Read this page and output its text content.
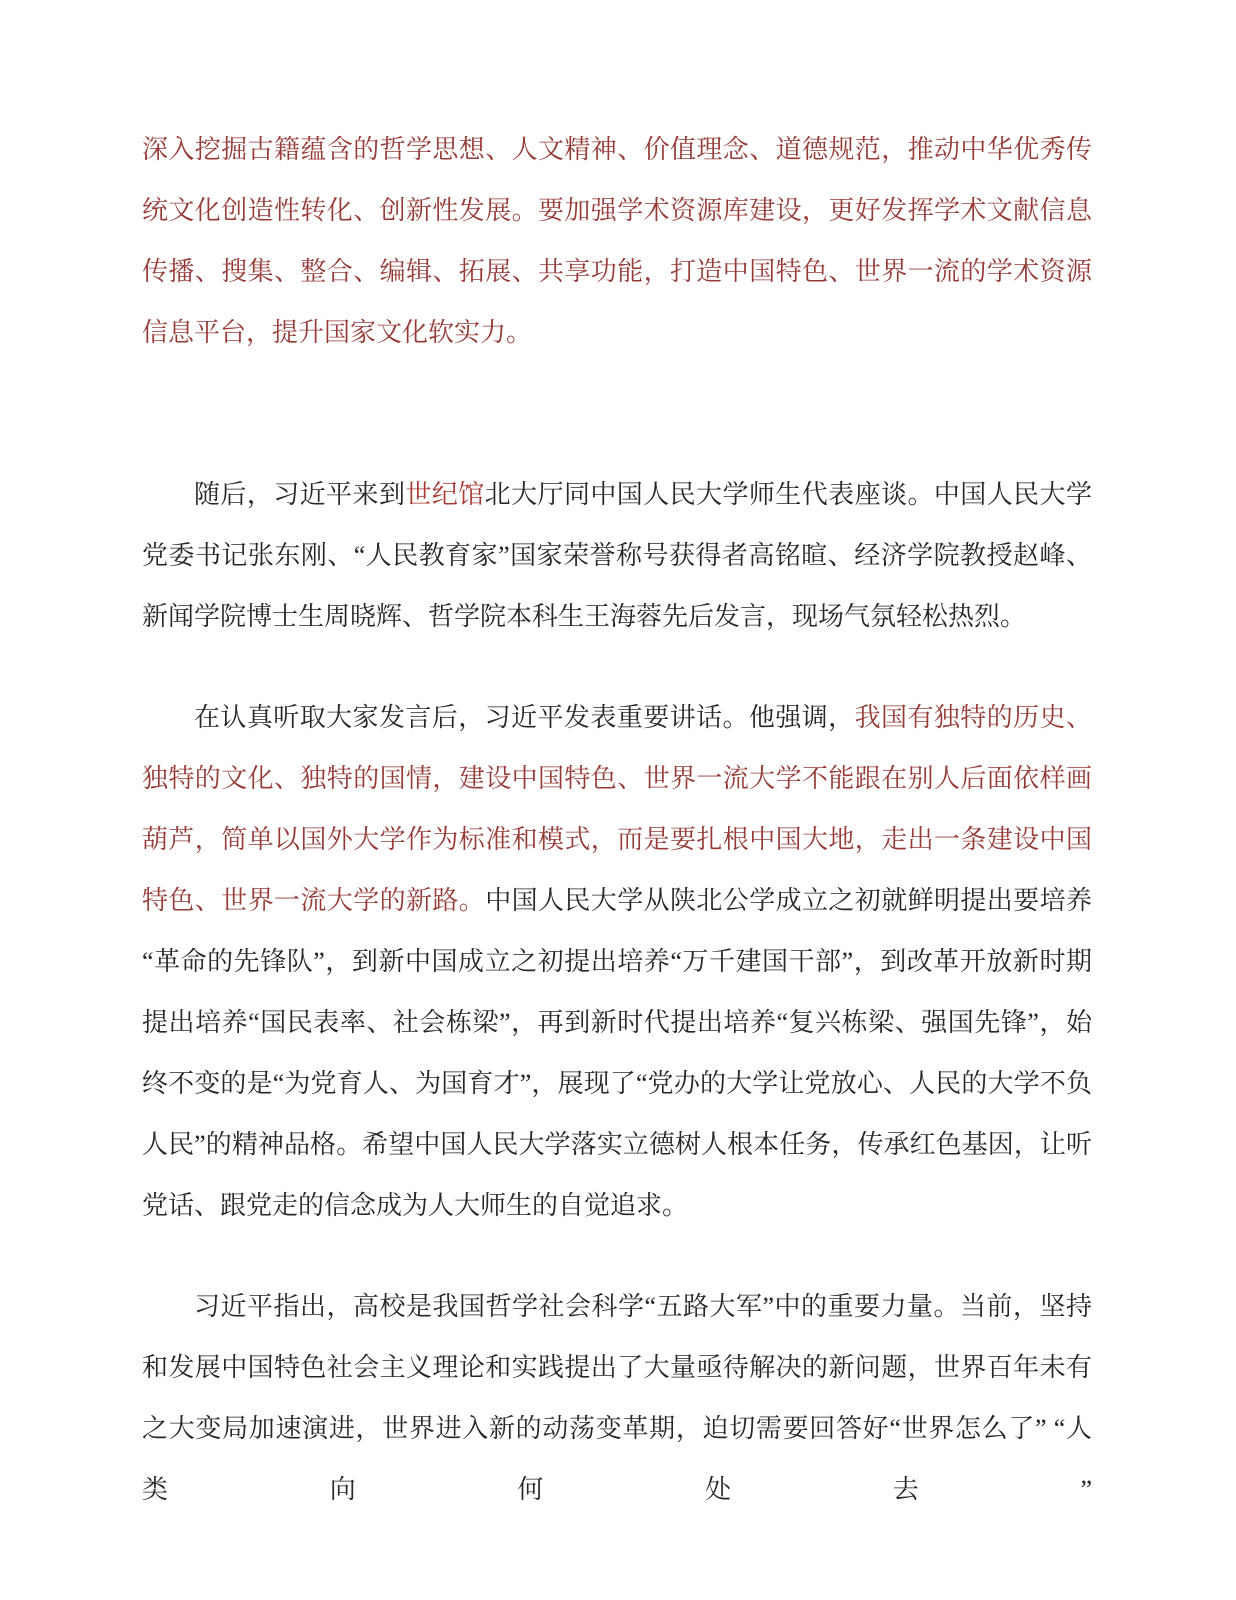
深入挖掘古籍蕴含的哲学思想、人文精神、价值理念、道德规范，推动中华优秀传统文化创造性转化、创新性发展。要加强学术资源库建设，更好发挥学术文献信息传播、搜集、整合、编辑、拓展、共享功能，打造中国特色、世界一流的学术资源信息平台，提升国家文化软实力。

随后，习近平来到世纪馆北大厅同中国人民大学师生代表座谈。中国人民大学党委书记张东刚、“人民教育家”国家荣誉称号获得者高铭暄、经济学院教授赵峰、新闻学院博士生周晓辉、哲学院本科生王海蓉先后发言，现场气氛轻松热烈。

在认真听取大家发言后，习近平发表重要讲话。他强调，我国有独特的历史、独特的文化、独特的国情，建设中国特色、世界一流大学不能跟在别人后面依样画葫芦，简单以国外大学作为标准和模式，而是要扎根中国大地，走出一条建设中国特色、世界一流大学的新路。中国人民大学从陕北公学成立之初就鲜明提出要培养“革命的先锋队”，到新中国成立之初提出培养“万千建国干部”，到改革开放新时期提出培养“国民表率、社会栋梁”，再到新时代提出培养“复兴栋梁、强国先锋”，始终不变的是“为党育人、为国育才”，展现了“党办的大学让党放心、人民的大学不负人民”的精神品格。希望中国人民大学落实立德树人根本任务，传承红色基因，让听党话、跟党走的信念成为人大师生的自觉追求。

习近平指出，高校是我国哲学社会科学“五路大军”中的重要力量。当前，坚持和发展中国特色社会主义理论和实践提出了大量亟待解决的新问题，世界百年未有之大变局加速演进，世界进入新的动荡变革期，迫切需要回答好“世界怎么了” “人类向何处去”
